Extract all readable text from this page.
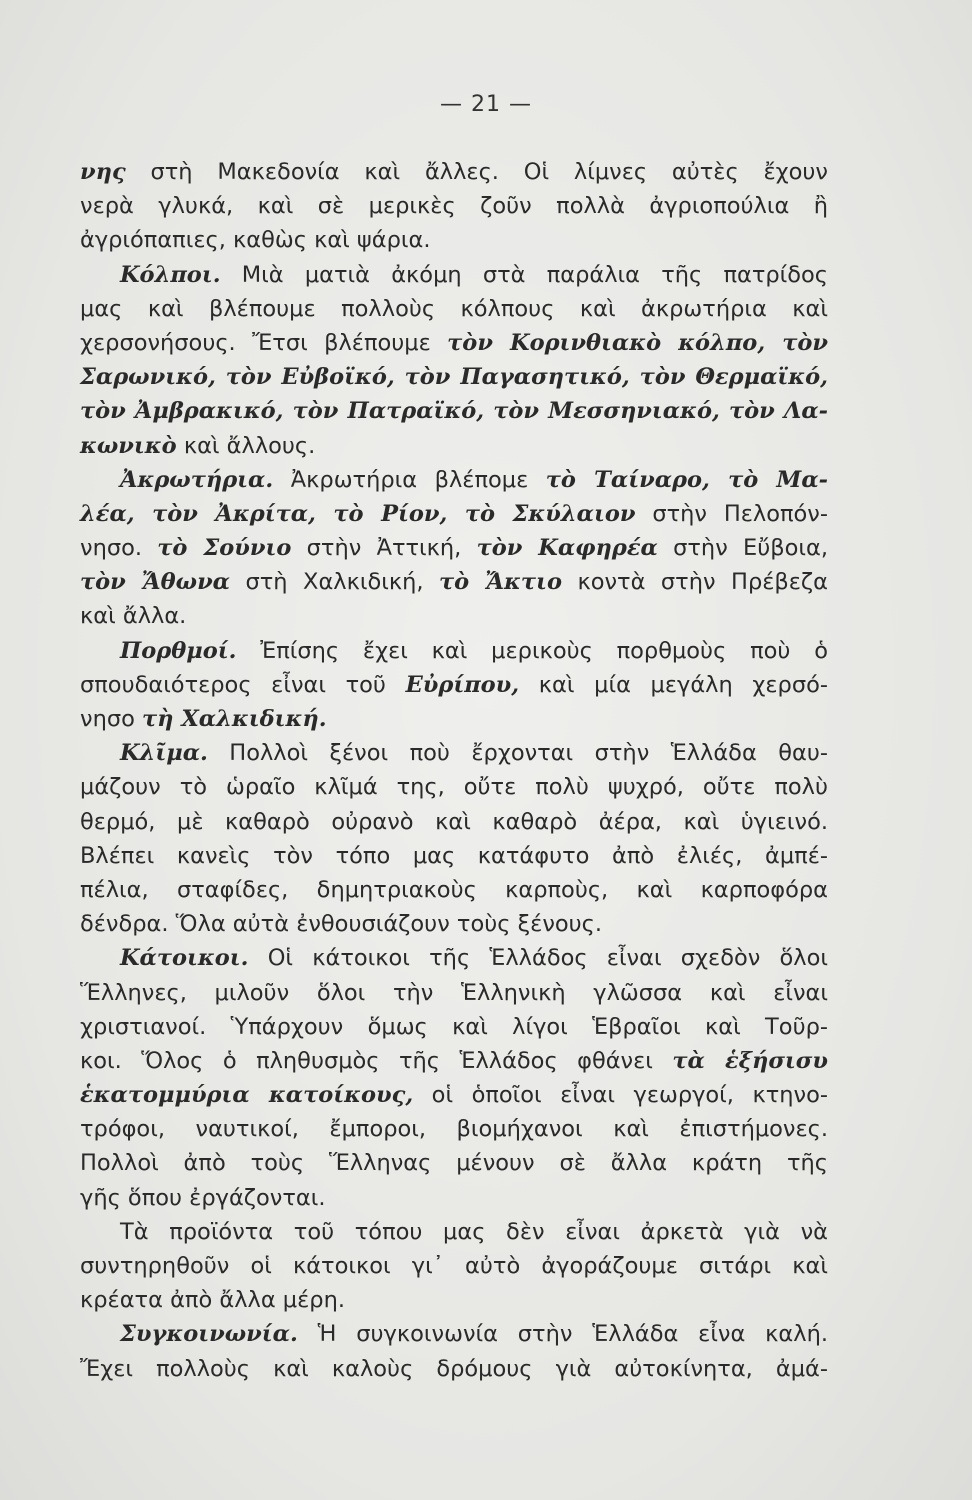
— 21 —
νης στὴ Μακεδονία καὶ ἄλλες. Οἱ λίμνες αὐτὲς ἔχουν
νερὰ γλυκά, καὶ σὲ μερικὲς ζοῦν πολλὰ ἀγριοπούλια ἢ
ἀγριόπαπιες, καθὼς καὶ ψάρια.
Κόλποι. Μιὰ ματιὰ ἀκόμη στὰ παράλια τῆς πατρίδος
μας καὶ βλέπουμε πολλοὺς κόλπους καὶ ἀκρωτήρια καὶ
χερσονήσους. Ἔτσι βλέπουμε τὸν Κορινθιακὸ κόλπο, τὸν
Σαρωνικό, τὸν Εὐβοϊκό, τὸν Παγασητικό, τὸν Θερμαϊκό,
τὸν Ἀμβρακικό, τὸν Πατραϊκό, τὸν Μεσσηνιακό, τὸν Λα-
κωνικὸ καὶ ἄλλους.
Ἀκρωτήρια. Ἀκρωτήρια βλέπομε τὸ Ταίναρο, τὸ Μα-
λέα, τὸν Ἀκρίτα, τὸ Ρίον, τὸ Σκύλαιον στὴν Πελοπόν-
νησο. τὸ Σούνιο στὴν Ἀττική, τὸν Καφηρέα στὴν Εὔβοια,
τὸν Ἄθωνα στὴ Χαλκιδική, τὸ Ἄκτιο κοντὰ στὴν Πρέβεζα
καὶ ἄλλα.
Πορθμοί. Ἐπίσης ἔχει καὶ μερικοὺς πορθμοὺς ποὺ ὁ
σπουδαιότερος εἶναι τοῦ Εὐρίπου, καὶ μία μεγάλη χερσό-
νησο τὴ Χαλκιδική.
Κλῖμα. Πολλοὶ ξένοι ποὺ ἔρχονται στὴν Ἑλλάδα θαυ-
μάζουν τὸ ὡραῖο κλῖμά της, οὔτε πολὺ ψυχρό, οὔτε πολὺ
θερμό, μὲ καθαρὸ οὐρανὸ καὶ καθαρὸ ἀέρα, καὶ ὑγιεινό.
Βλέπει κανεὶς τὸν τόπο μας κατάφυτο ἀπὸ ἐλιές, ἀμπέ-
πέλια, σταφίδες, δημητριακοὺς καρποὺς, καὶ καρποφόρα
δένδρα. Ὅλα αὐτὰ ἐνθουσιάζουν τοὺς ξένους.
Κάτοικοι. Οἱ κάτοικοι τῆς Ἑλλάδος εἶναι σχεδὸν ὅλοι
Ἕλληνες, μιλοῦν ὅλοι τὴν Ἑλληνικὴ γλῶσσα καὶ εἶναι
χριστιανοί. Ὑπάρχουν ὅμως καὶ λίγοι Ἑβραῖοι καὶ Τοῦρ-
κοι. Ὅλος ὁ πληθυσμὸς τῆς Ἑλλάδος φθάνει τὰ ἑξήσισυ
ἑκατομμύρια κατοίκους, οἱ ὁποῖοι εἶναι γεωργοί, κτηνο-
τρόφοι, ναυτικοί, ἔμποροι, βιομήχανοι καὶ ἐπιστήμονες.
Πολλοὶ ἀπὸ τοὺς Ἕλληνας μένουν σὲ ἄλλα κράτη τῆς
γῆς ὅπου ἐργάζονται.
Τὰ προϊόντα τοῦ τόπου μας δὲν εἶναι ἀρκετὰ γιὰ νὰ
συντηρηθοῦν οἱ κάτοικοι γι᾿ αὐτὸ ἀγοράζουμε σιτάρι καὶ
κρέατα ἀπὸ ἄλλα μέρη.
Συγκοινωνία. Ἡ συγκοινωνία στὴν Ἑλλάδα εἶνα καλή.
Ἔχει πολλοὺς καὶ καλοὺς δρόμους γιὰ αὐτοκίνητα, ἀμά-
